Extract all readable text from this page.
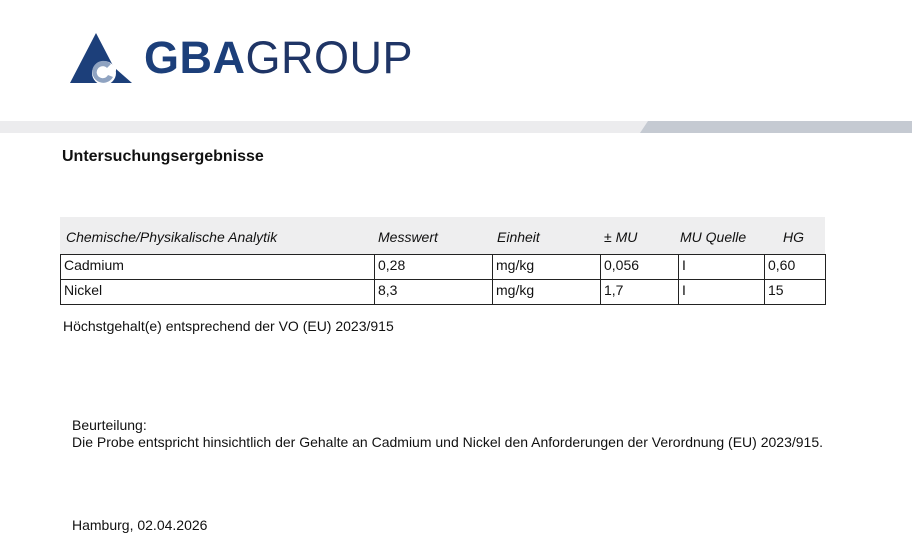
GBAGROUP
Untersuchungsergebnisse
Chemische/Physikalische Analytik	Messwert	Einheit	± MU	MU Quelle	HG
Cadmium	0,28	mg/kg	0,056	I	0,60
Nickel	8,3	mg/kg	1,7	I	15
Höchstgehalt(e) entsprechend der VO (EU) 2023/915
Beurteilung:
Die Probe entspricht hinsichtlich der Gehalte an Cadmium und Nickel den Anforderungen der Verordnung (EU) 2023/915.
Hamburg, 02.04.2026
